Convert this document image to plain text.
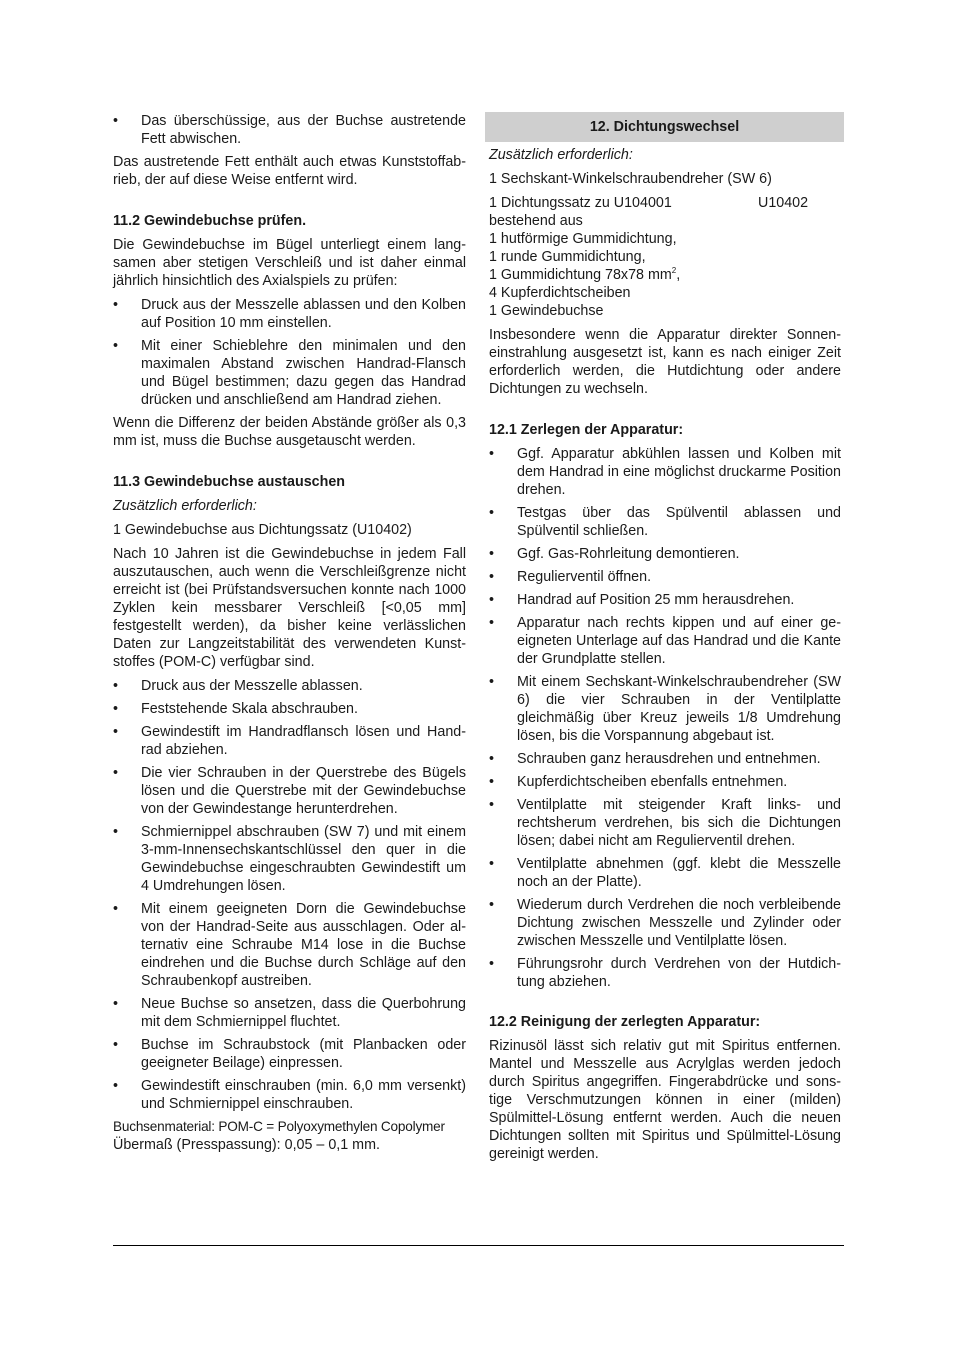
• Das überschüssige, aus der Buchse austretende Fett abwischen.

Das austretende Fett enthält auch etwas Kunststoffabrieb, der auf diese Weise entfernt wird.

11.2 Gewindebuchse prüfen.

Die Gewindebuchse im Bügel unterliegt einem langsamen aber stetigen Verschleiß und ist daher einmal jährlich hinsichtlich des Axialspiels zu prüfen:

• Druck aus der Messzelle ablassen und den Kolben auf Position 10 mm einstellen.
• Mit einer Schieblehre den minimalen und den maximalen Abstand zwischen Handrad-Flansch und Bügel bestimmen; dazu gegen das Handrad drücken und anschließend am Handrad ziehen.

Wenn die Differenz der beiden Abstände größer als 0,3 mm ist, muss die Buchse ausgetauscht werden.

11.3 Gewindebuchse austauschen

Zusätzlich erforderlich:

1 Gewindebuchse aus Dichtungssatz (U10402)

Nach 10 Jahren ist die Gewindebuchse in jedem Fall auszutauschen, auch wenn die Verschleißgrenze nicht erreicht ist (bei Prüfstandsversuchen konnte nach 1000 Zyklen kein messbarer Verschleiß [<0,05 mm] festgestellt werden), da bisher keine verlässlichen Daten zur Langzeitstabilität des verwendeten Kunststoffes (POM-C) verfügbar sind.

• Druck aus der Messzelle ablassen.
• Feststehende Skala abschrauben.
• Gewindestift im Handradflansch lösen und Handrad abziehen.
• Die vier Schrauben in der Querstrebe des Bügels lösen und die Querstrebe mit der Gewindebuchse von der Gewindestange herunterdrehen.
• Schmiernippel abschrauben (SW 7) und mit einem 3-mm-Innensechskantschlüssel den quer in die Gewindebuchse eingeschraubten Gewindestift um 4 Umdrehungen lösen.
• Mit einem geeigneten Dorn die Gewindebuchse von der Handrad-Seite aus ausschlagen. Oder alternativ eine Schraube M14 lose in die Buchse eindrehen und die Buchse durch Schläge auf den Schraubenkopf austreiben.
• Neue Buchse so ansetzen, dass die Querbohrung mit dem Schmiernippel fluchtet.
• Buchse im Schraubstock (mit Planbacken oder geeigneter Beilage) einpressen.
• Gewindestift einschrauben (min. 6,0 mm versenkt) und Schmiernippel einschrauben.

Buchsenmaterial: POM-C = Polyoxymethylen Copolymer

Übermaß (Presspassung): 0,05 – 0,1 mm.

12. Dichtungswechsel

Zusätzlich erforderlich:

1 Sechskant-Winkelschraubendreher (SW 6)

1 Dichtungssatz zu U104001	U10402

bestehend aus

1 hutförmige Gummidichtung,

1 runde Gummidichtung,

1 Gummidichtung 78x78 $mm^2$,

4 Kupferdichtscheiben

1 Gewindebuchse

Insbesondere wenn die Apparatur direkter Sonneneinstrahlung ausgesetzt ist, kann es nach einiger Zeit erforderlich werden, die Hutdichtung oder andere Dichtungen zu wechseln.

12.1 Zerlegen der Apparatur:
• Ggf. Apparatur abkühlen lassen und Kolben mit dem Handrad in eine möglichst druckarme Position drehen.
• Testgas über das Spülventil ablassen und Spülventil schließen.
• Ggf. Gas-Rohrleitung demontieren.
• Regulierventil öffnen.
• Handrad auf Position 25 mm herausdrehen.
• Apparatur nach rechts kippen und auf einer geeigneten Unterlage auf das Handrad und die Kante der Grundplatte stellen.
• Mit einem Sechskant-Winkelschraubendreher (SW 6) die vier Schrauben in der Ventilplatte gleichmäßig über Kreuz jeweils 1/8 Umdrehung lösen, bis die Vorspannung abgebaut ist.
• Schrauben ganz herausdrehen und entnehmen.
• Kupferdichtscheiben ebenfalls entnehmen.
• Ventilplatte mit steigender Kraft links- und rechtsherum verdrehen, bis sich die Dichtungen lösen; dabei nicht am Regulierventil drehen.
• Ventilplatte abnehmen (ggf. klebt die Messzelle noch an der Platte).
• Wiederum durch Verdrehen die noch verbleibende Dichtung zwischen Messzelle und Zylinder oder zwischen Messzelle und Ventilplatte lösen.
• Führungsrohr durch Verdrehen von der Hutdichtung abziehen.
12.2 Reinigung der zerlegten Apparatur:

Rizinusöl lässt sich relativ gut mit Spiritus entfernen. Mantel und Messzelle aus Acrylglas werden jedoch durch Spiritus angegriffen. Fingerabdrücke und sonstige Verschmutzungen können in einer (milden) Spülmittel-Lösung entfernt werden. Auch die neuen Dichtungen sollten mit Spiritus und Spülmittel-Lösung gereinigt werden.
